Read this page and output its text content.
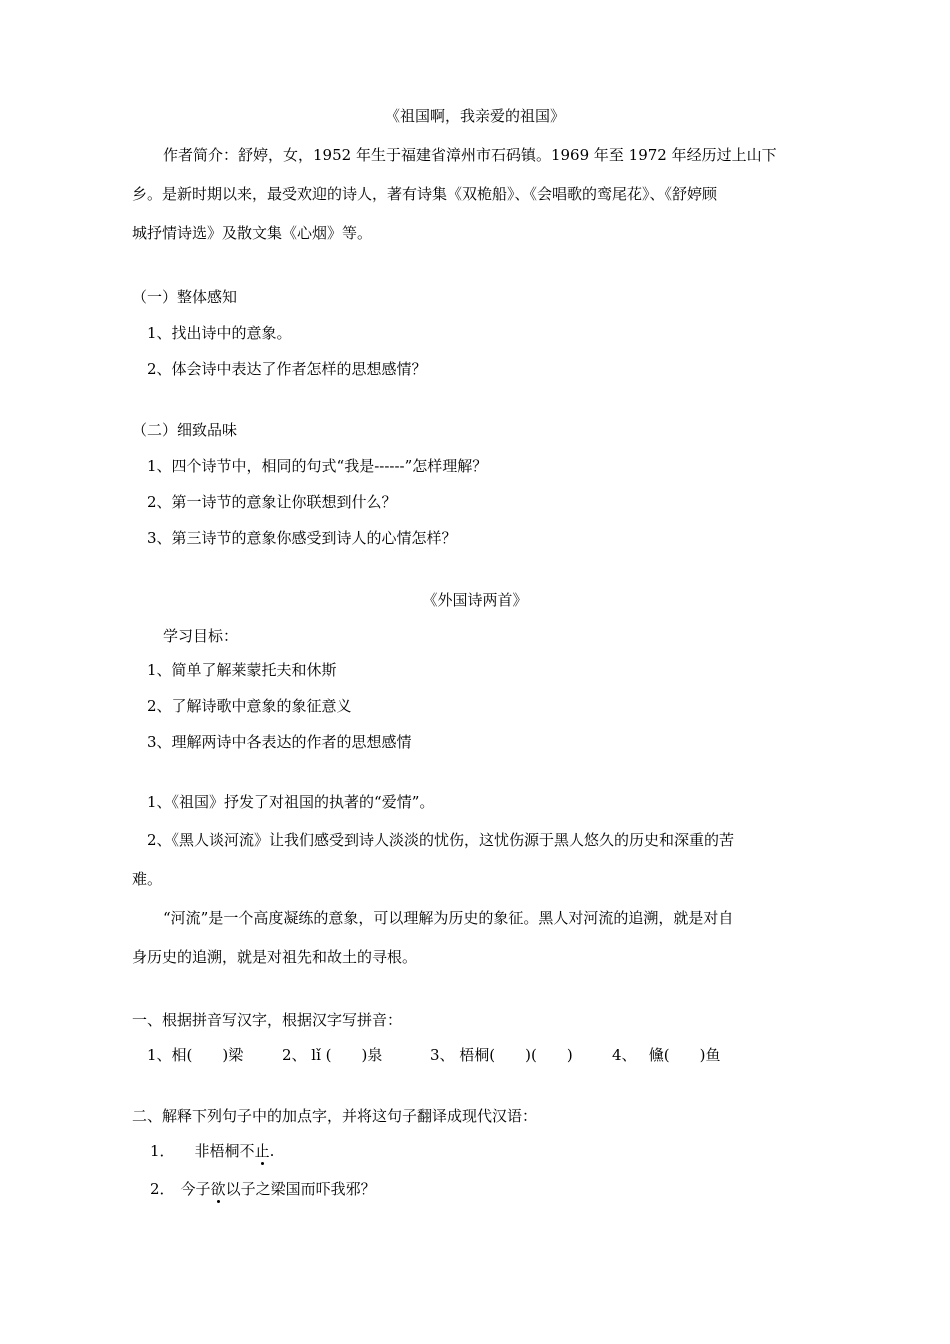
《祖国啊，我亲爱的祖国》
作者简介：舒婷，女，1952 年生于福建省漳州市石码镇。1969 年至 1972 年经历过上山下
乡。是新时期以来，最受欢迎的诗人，著有诗集《双桅船》、《会唱歌的鸾尾花》、《舒婷顾
城抒情诗选》及散文集《心烟》等。
（一）整体感知
1、找出诗中的意象。
2、体会诗中表达了作者怎样的思想感情？
（二）细致品味
1、四个诗节中，相同的句式“我是------”怎样理解？
2、第一诗节的意象让你联想到什么？
3、第三诗节的意象你感受到诗人的心情怎样？
《外国诗两首》
学习目标：
1、简单了解莱蒙托夫和休斯
2、了解诗歌中意象的象征意义
3、理解两诗中各表达的作者的思想感情
1、《祖国》抒发了对祖国的执著的“爱情”。
2、《黑人谈河流》让我们感受到诗人淡淡的忧伤，这忧伤源于黑人悠久的历史和深重的苦
难。
“河流”是一个高度凝练的意象，可以理解为历史的象征。黑人对河流的追溯，就是对自
身历史的追溯，就是对祖先和故土的寻根。
一、根据拼音写汉字，根据汉字写拼音：
1、相(　　)梁	2、 lǐ (　　)泉	3、 梧桐(　　)(　　)	4、　 儵(　　)鱼
二、解释下列句子中的加点字，并将这句子翻译成现代汉语：
1． 非梧桐不止.
2． 今子欲以子之梁国而吓我邪？
